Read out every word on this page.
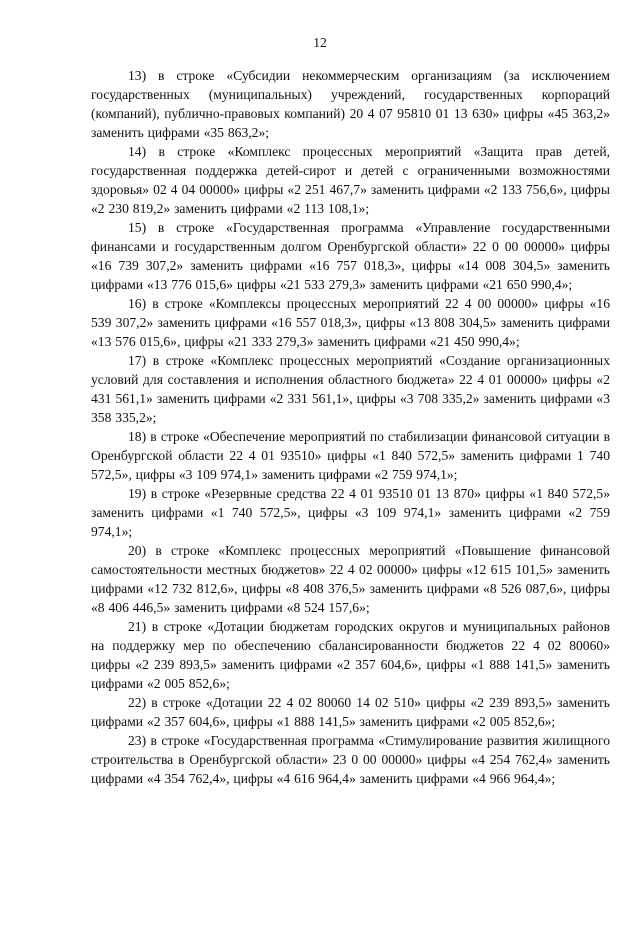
12

13) в строке «Субсидии некоммерческим организациям (за исключением государственных (муниципальных) учреждений, государственных корпораций (компаний), публично-правовых компаний) 20 4 07 95810 01 13 630» цифры «45 363,2» заменить цифрами «35 863,2»;

14) в строке «Комплекс процессных мероприятий «Защита прав детей, государственная поддержка детей-сирот и детей с ограниченными возможностями здоровья» 02 4 04 00000» цифры «2 251 467,7» заменить цифрами «2 133 756,6», цифры «2 230 819,2» заменить цифрами «2 113 108,1»;

15) в строке «Государственная программа «Управление государственными финансами и государственным долгом Оренбургской области» 22 0 00 00000» цифры «16 739 307,2» заменить цифрами «16 757 018,3», цифры «14 008 304,5» заменить цифрами «13 776 015,6» цифры «21 533 279,3» заменить цифрами «21 650 990,4»;

16) в строке «Комплексы процессных мероприятий 22 4 00 00000» цифры «16 539 307,2» заменить цифрами «16 557 018,3», цифры «13 808 304,5» заменить цифрами «13 576 015,6», цифры «21 333 279,3» заменить цифрами «21 450 990,4»;

17) в строке «Комплекс процессных мероприятий «Создание организационных условий для составления и исполнения областного бюджета» 22 4 01 00000» цифры «2 431 561,1» заменить цифрами «2 331 561,1», цифры «3 708 335,2» заменить цифрами «3 358 335,2»;

18) в строке «Обеспечение мероприятий по стабилизации финансовой ситуации в Оренбургской области 22 4 01 93510» цифры «1 840 572,5» заменить цифрами 1 740 572,5», цифры «3 109 974,1» заменить цифрами «2 759 974,1»;

19) в строке «Резервные средства 22 4 01 93510 01 13 870» цифры «1 840 572,5» заменить цифрами «1 740 572,5», цифры «3 109 974,1» заменить цифрами «2 759 974,1»;

20) в строке «Комплекс процессных мероприятий «Повышение финансовой самостоятельности местных бюджетов» 22 4 02 00000» цифры «12 615 101,5» заменить цифрами «12 732 812,6», цифры «8 408 376,5» заменить цифрами «8 526 087,6», цифры «8 406 446,5» заменить цифрами «8 524 157,6»;

21) в строке «Дотации бюджетам городских округов и муниципальных районов на поддержку мер по обеспечению сбалансированности бюджетов 22 4 02 80060» цифры «2 239 893,5» заменить цифрами «2 357 604,6», цифры «1 888 141,5» заменить цифрами «2 005 852,6»;

22) в строке «Дотации 22 4 02 80060 14 02 510» цифры «2 239 893,5» заменить цифрами «2 357 604,6», цифры «1 888 141,5» заменить цифрами «2 005 852,6»;

23) в строке «Государственная программа «Стимулирование развития жилищного строительства в Оренбургской области» 23 0 00 00000» цифры «4 254 762,4» заменить цифрами «4 354 762,4», цифры «4 616 964,4» заменить цифрами «4 966 964,4»;
